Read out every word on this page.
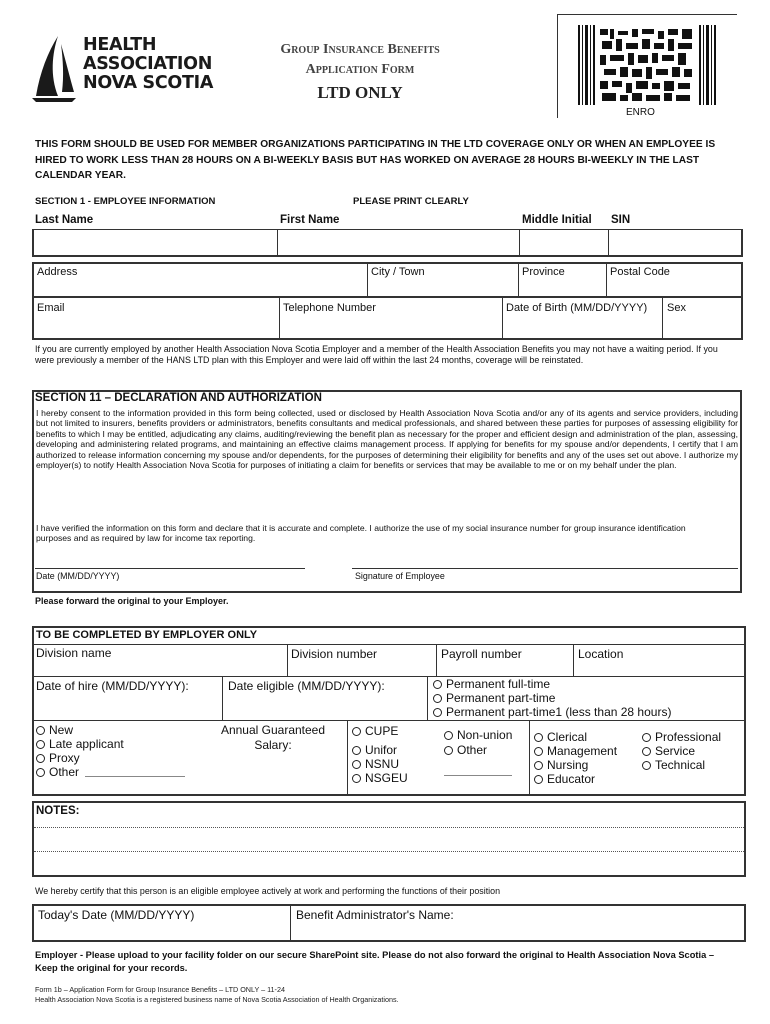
HEALTH
ASSOCIATION
NOVA SCOTIA
Group Insurance Benefits
Application Form
LTD ONLY
ENRO
THIS FORM SHOULD BE USED FOR MEMBER ORGANIZATIONS PARTICIPATING IN THE LTD COVERAGE ONLY OR WHEN AN EMPLOYEE IS HIRED TO WORK LESS THAN 28 HOURS ON A BI-WEEKLY BASIS BUT HAS WORKED ON AVERAGE 28 HOURS BI-WEEKLY IN THE LAST CALENDAR YEAR.
SECTION 1 - EMPLOYEE INFORMATION	PLEASE PRINT CLEARLY
Last Name	First Name	Middle Initial SIN
Address	City / Town	Province	Postal Code
Email	Telephone Number	Date of Birth (MM/DD/YYYY) Sex
If you are currently employed by another Health Association Nova Scotia Employer and a member of the Health Association Benefits you may not have a waiting period. If you were previously a member of the HANS LTD plan with this Employer and were laid off within the last 24 months, coverage will be reinstated.
SECTION 11 – DECLARATION AND AUTHORIZATION
I hereby consent to the information provided in this form being collected, used or disclosed by Health Association Nova Scotia and/or any of its agents and service providers, including but not limited to insurers, benefits providers or administrators, benefits consultants and medical professionals, and shared between these parties for purposes of assessing eligibility for benefits to which I may be entitled, adjudicating any claims, auditing/reviewing the benefit plan as necessary for the proper and efficient design and administration of the plan, assessing, developing and administering related programs, and maintaining an effective claims management process. If applying for benefits for my spouse and/or dependents, I certify that I am authorized to release information concerning my spouse and/or dependents, for the purposes of determining their eligibility for benefits and any of the uses set out above. I authorize my employer(s) to notify Health Association Nova Scotia for purposes of initiating a claim for benefits or services that may be available to me or on my behalf under the plan.
I have verified the information on this form and declare that it is accurate and complete. I authorize the use of my social insurance number for group insurance identification purposes and as required by law for income tax reporting.
Date (MM/DD/YYYY)	Signature of Employee
Please forward the original to your Employer.
TO BE COMPLETED BY EMPLOYER ONLY
Division name	Division number	Payroll number	Location
Date of hire (MM/DD/YYYY):	Date eligible (MM/DD/YYYY):	Permanent full-time
Permanent part-time
Permanent part-time1 (less than 28 hours)
New
Late applicant
Proxy
Other
Annual Guaranteed
Salary:
CUPE
Unifor
NSNU
NSGEU
Non-union
Other
Clerical
Management
Nursing
Educator
Professional
Service
Technical
NOTES:
We hereby certify that this person is an eligible employee actively at work and performing the functions of their position
Today's Date (MM/DD/YYYY)	Benefit Administrator's Name:
Employer - Please upload to your facility folder on our secure SharePoint site. Please do not also forward the original to Health Association Nova Scotia – Keep the original for your records.
Form 1b – Application Form for Group Insurance Benefits – LTD ONLY – 11-24
Health Association Nova Scotia is a registered business name of Nova Scotia Association of Health Organizations.
